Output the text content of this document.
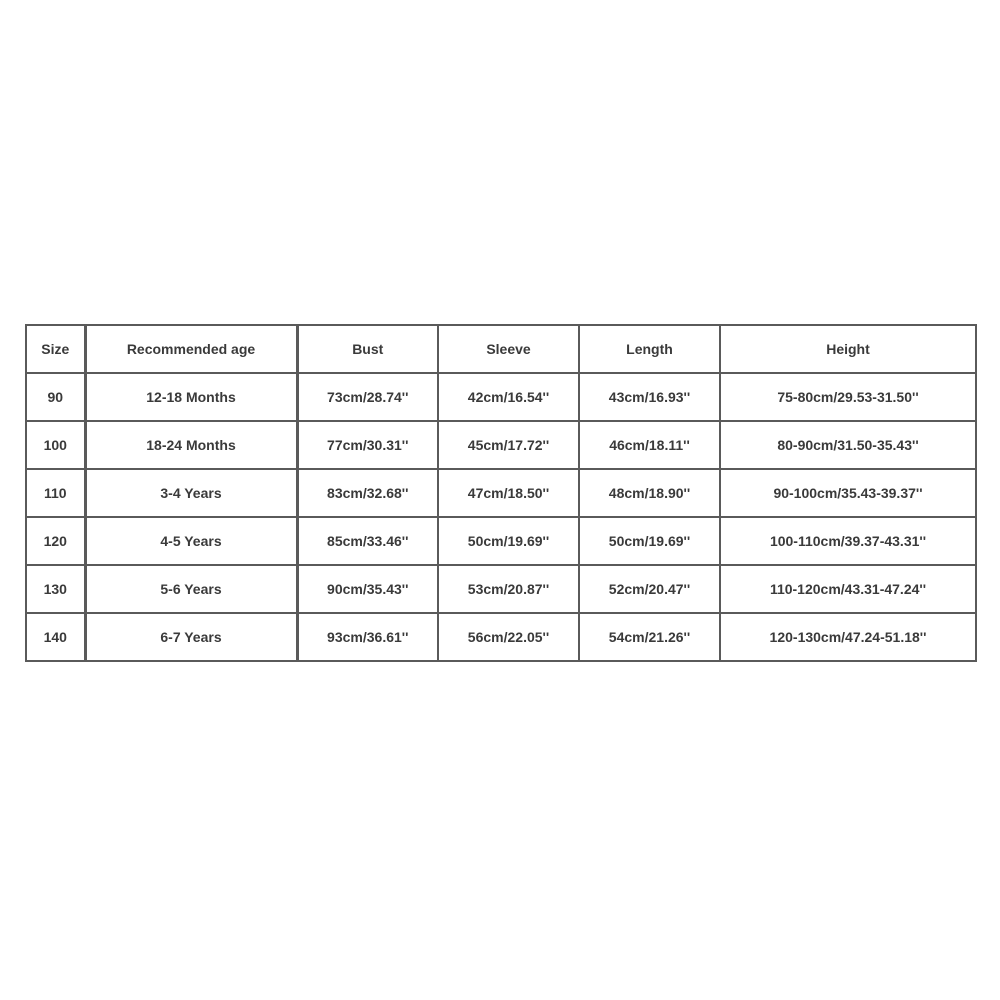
Size	Recommended age	Bust	Sleeve	Length	Height
90	12-18 Months	73cm/28.74''	42cm/16.54''	43cm/16.93''	75-80cm/29.53-31.50''
100	18-24 Months	77cm/30.31''	45cm/17.72''	46cm/18.11''	80-90cm/31.50-35.43''
110	3-4 Years	83cm/32.68''	47cm/18.50''	48cm/18.90''	90-100cm/35.43-39.37''
120	4-5 Years	85cm/33.46''	50cm/19.69''	50cm/19.69''	100-110cm/39.37-43.31''
130	5-6 Years	90cm/35.43''	53cm/20.87''	52cm/20.47''	110-120cm/43.31-47.24''
140	6-7 Years	93cm/36.61''	56cm/22.05''	54cm/21.26''	120-130cm/47.24-51.18''
